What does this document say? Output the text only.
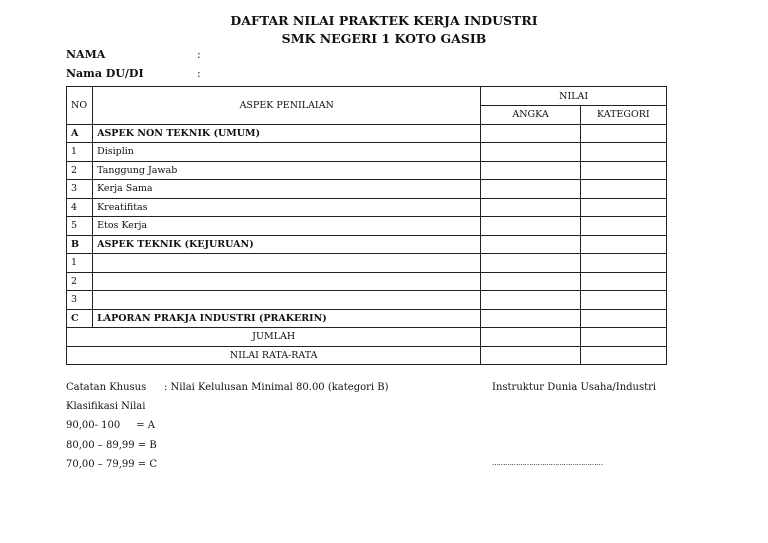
DAFTAR NILAI PRAKTEK KERJA INDUSTRI
SMK NEGERI 1 KOTO GASIB
NAMA	:
Nama DU/DI	:
NO	ASPEK PENILAIAN	NILAI	
		ANGKA	KATEGORI
A	ASPEK NON TEKNIK (UMUM)		
1	Disiplin		
2	Tanggung Jawab		
3	Kerja Sama		
4	Kreatifitas		
5	Etos Kerja		
B	ASPEK TEKNIK (KEJURUAN)		
1			
2			
3			
C	LAPORAN PRAKJA INDUSTRI (PRAKERIN)		
JUMLAH			
NILAI RATA-RATA			
Catatan Khusus : Nilai Kelulusan Minimal 80.00 (kategori B)
Klasifikasi Nilai
90,00- 100     = A
80,00 – 89,99 = B
70,00 – 79,99 = C
Instruktur Dunia Usaha/Industri
……………………………………………
